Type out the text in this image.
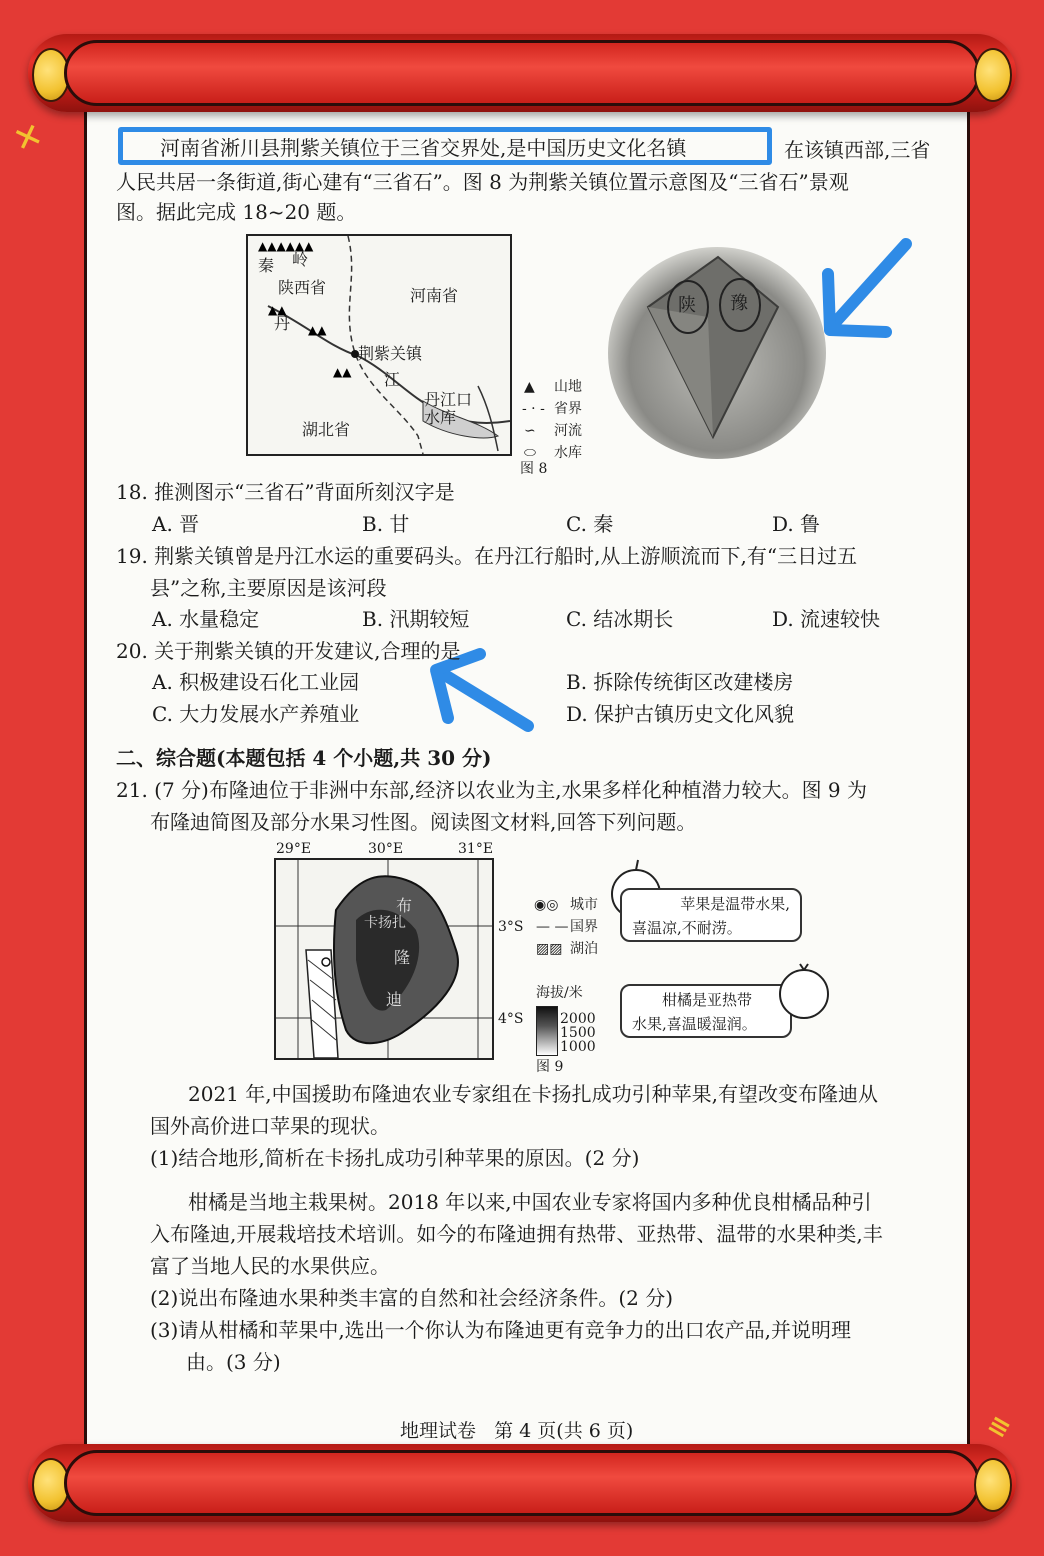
✕
≡
河南省淅川县荆紫关镇位于三省交界处,是中国历史文化名镇	在该镇西部,三省
人民共居一条街道,街心建有“三省石”。图 8 为荆紫关镇位置示意图及“三省石”景观
图。据此完成 18~20 题。
▲▲▲▲▲▲
▲▲
▲▲
▲▲
秦 岭
陕西省	河南省
丹
荆紫关镇
江
丹江口
水库
湖北省
▲ 山地
- · - 省界
∽ 河流
⬭ 水库
图 8
陕 豫
18. 推测图示“三省石”背面所刻汉字是
A. 晋	B. 甘	C. 秦	D. 鲁
19. 荆紫关镇曾是丹江水运的重要码头。在丹江行船时,从上游顺流而下,有“三日过五
县”之称,主要原因是该河段
A. 水量稳定	B. 汛期较短	C. 结冰期长	D. 流速较快
20. 关于荆紫关镇的开发建议,合理的是
A. 积极建设石化工业园	B. 拆除传统街区改建楼房
C. 大力发展水产养殖业	D. 保护古镇历史文化风貌
二、综合题(本题包括 4 个小题,共 30 分)
21. (7 分)布隆迪位于非洲中东部,经济以农业为主,水果多样化种植潜力较大。图 9 为
布隆迪简图及部分水果习性图。阅读图文材料,回答下列问题。
29°E	30°E	31°E
卡扬扎
布
隆
迪
3°S
4°S
◉◎ 城市
— — 国界
▨▨ 湖泊
海拔/米
2000
1500
1000
图 9
苹果是温带水果,
喜温凉,不耐涝。
柑橘是亚热带
水果,喜温暖湿润。
2021 年,中国援助布隆迪农业专家组在卡扬扎成功引种苹果,有望改变布隆迪从
国外高价进口苹果的现状。
(1)结合地形,简析在卡扬扎成功引种苹果的原因。(2 分)
柑橘是当地主栽果树。2018 年以来,中国农业专家将国内多种优良柑橘品种引
入布隆迪,开展栽培技术培训。如今的布隆迪拥有热带、亚热带、温带的水果种类,丰
富了当地人民的水果供应。
(2)说出布隆迪水果种类丰富的自然和社会经济条件。(2 分)
(3)请从柑橘和苹果中,选出一个你认为布隆迪更有竞争力的出口农产品,并说明理
由。(3 分)
地理试卷   第 4 页(共 6 页)
